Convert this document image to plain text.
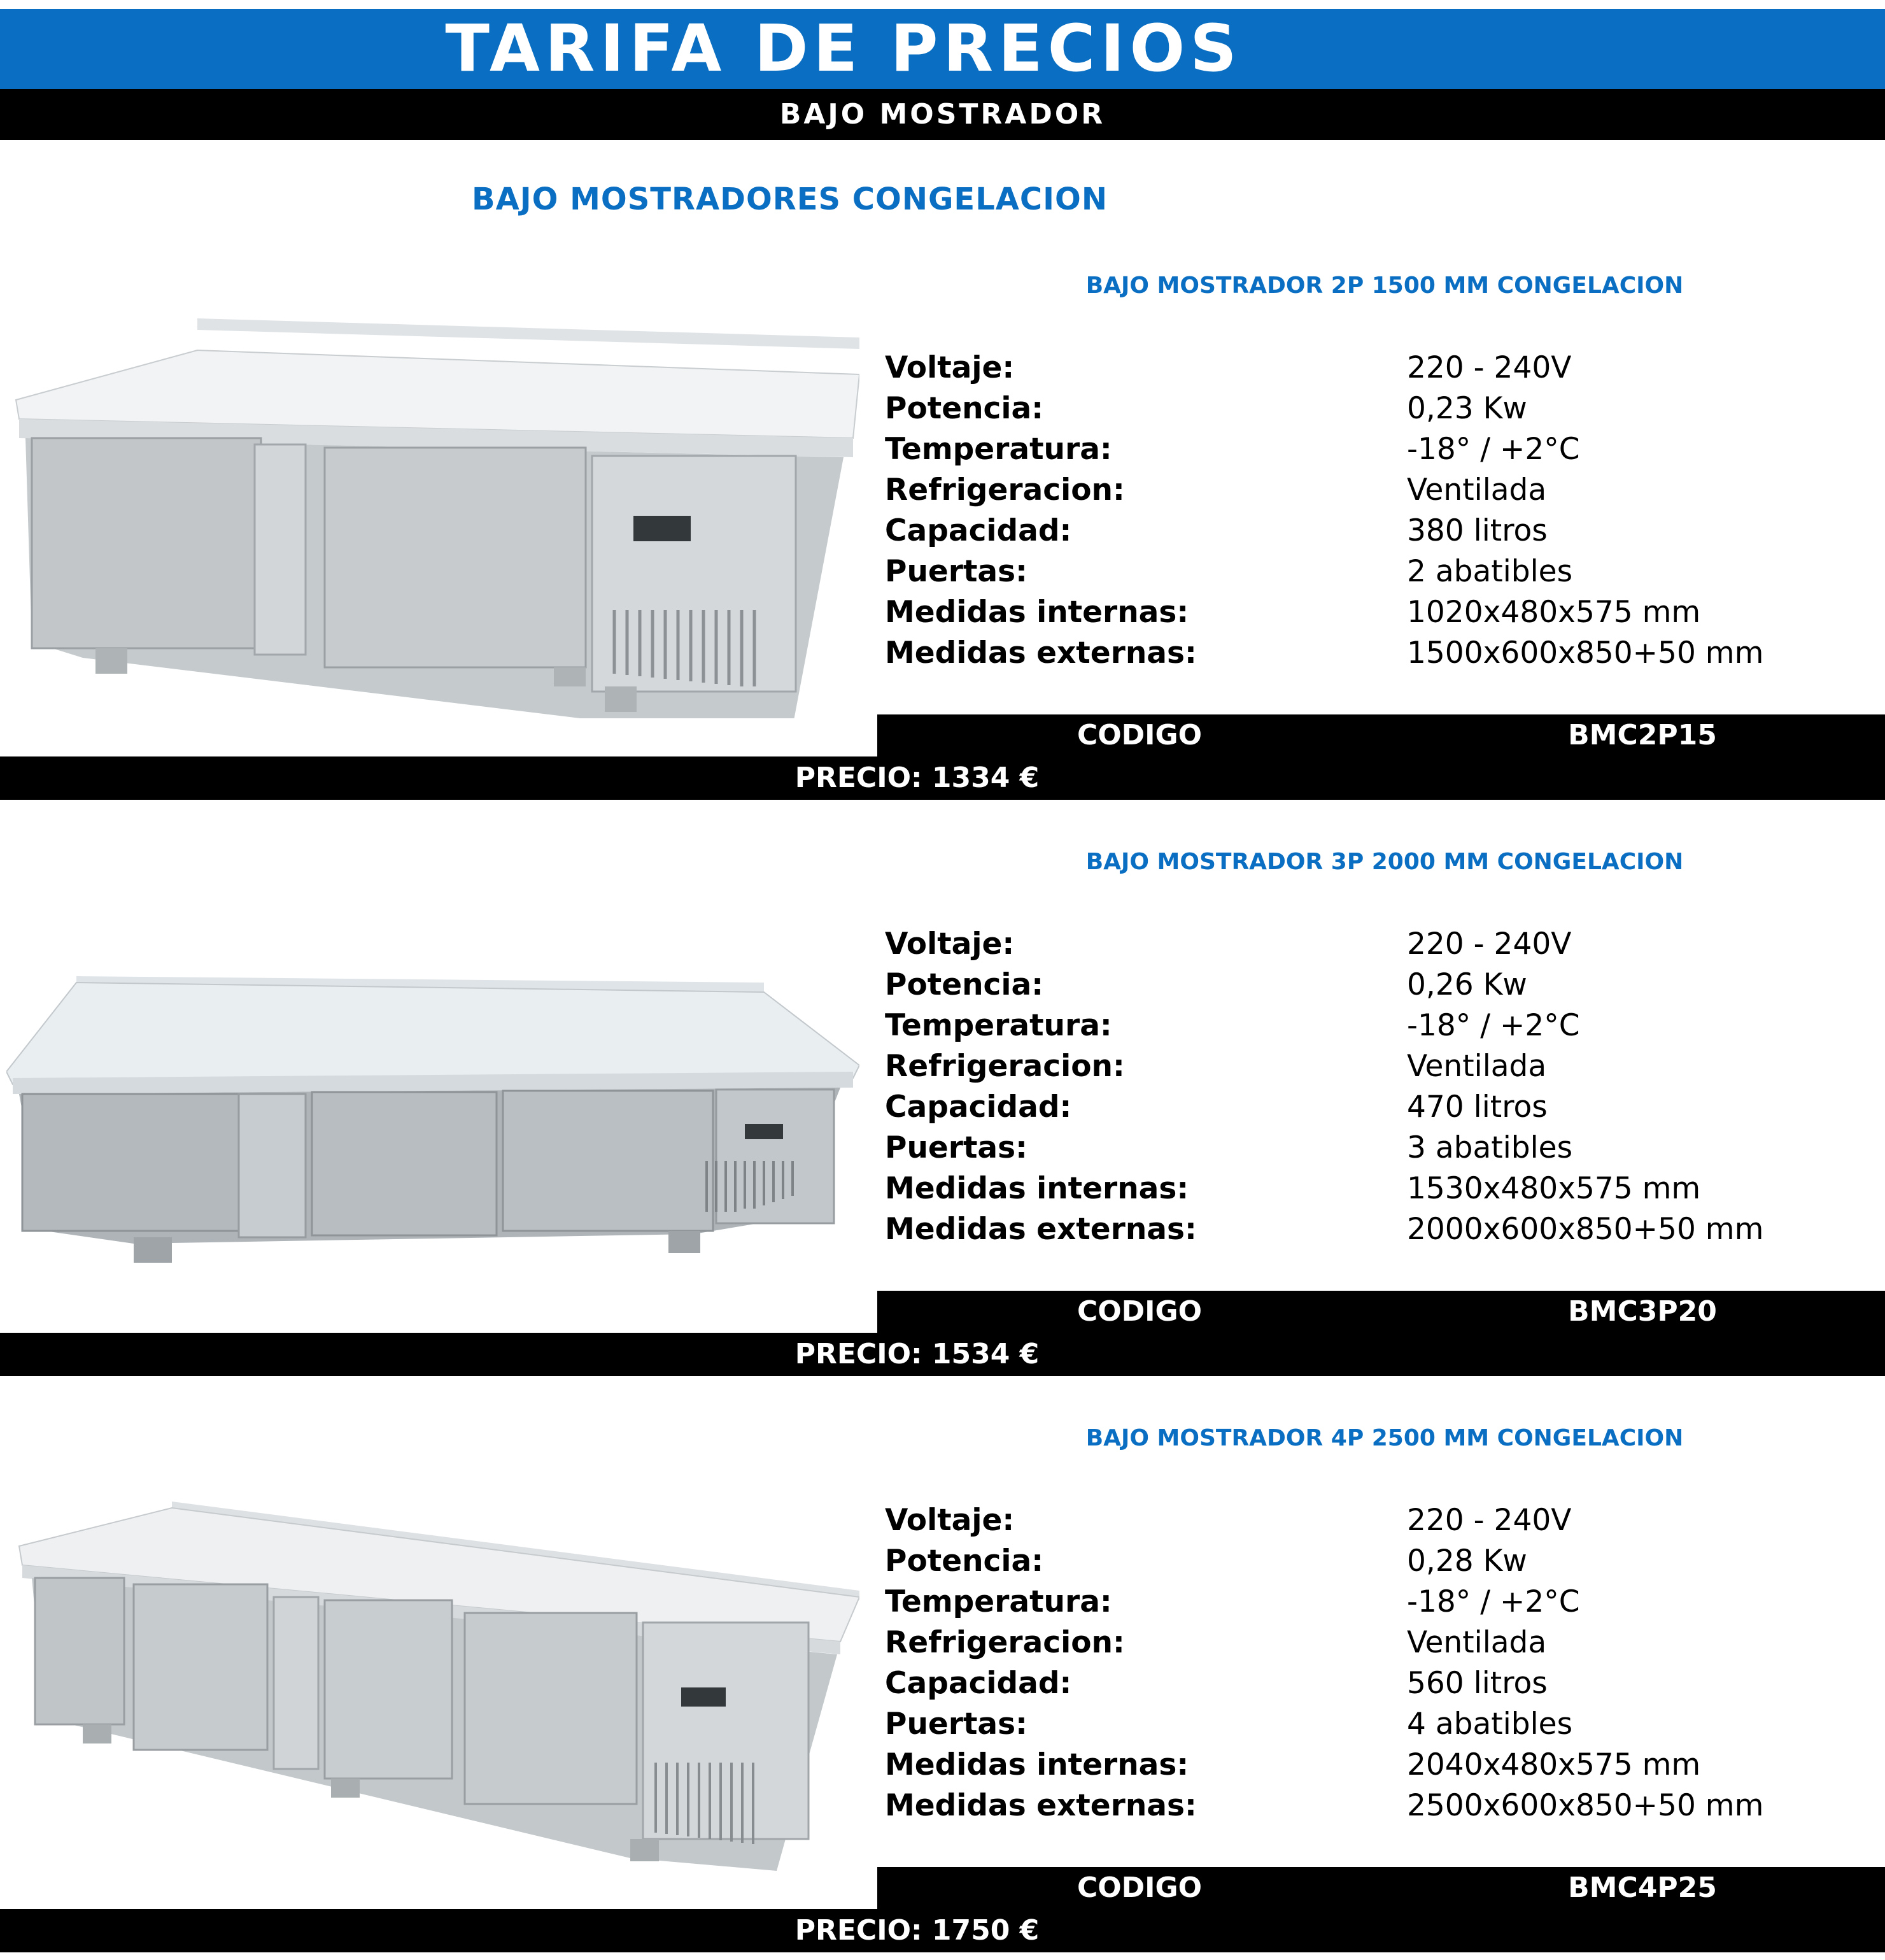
TARIFA DE PRECIOS
BAJO MOSTRADOR
BAJO MOSTRADORES CONGELACION
BAJO MOSTRADOR 2P 1500 MM CONGELACION
Voltaje:	220 - 240V
Potencia:	0,23 Kw
Temperatura:	-18° / +2°C
Refrigeracion:	Ventilada
Capacidad:	380 litros
Puertas:	2 abatibles
Medidas internas:	1020x480x575 mm
Medidas externas:	1500x600x850+50 mm
CODIGO	BMC2P15
PRECIO: 1334 €
BAJO MOSTRADOR 3P 2000 MM CONGELACION
Voltaje:	220 - 240V
Potencia:	0,26 Kw
Temperatura:	-18° / +2°C
Refrigeracion:	Ventilada
Capacidad:	470 litros
Puertas:	3 abatibles
Medidas internas:	1530x480x575 mm
Medidas externas:	2000x600x850+50 mm
CODIGO	BMC3P20
PRECIO: 1534 €
BAJO MOSTRADOR 4P 2500 MM CONGELACION
Voltaje:	220 - 240V
Potencia:	0,28 Kw
Temperatura:	-18° / +2°C
Refrigeracion:	Ventilada
Capacidad:	560 litros
Puertas:	4 abatibles
Medidas internas:	2040x480x575 mm
Medidas externas:	2500x600x850+50 mm
CODIGO	BMC4P25
PRECIO: 1750 €
